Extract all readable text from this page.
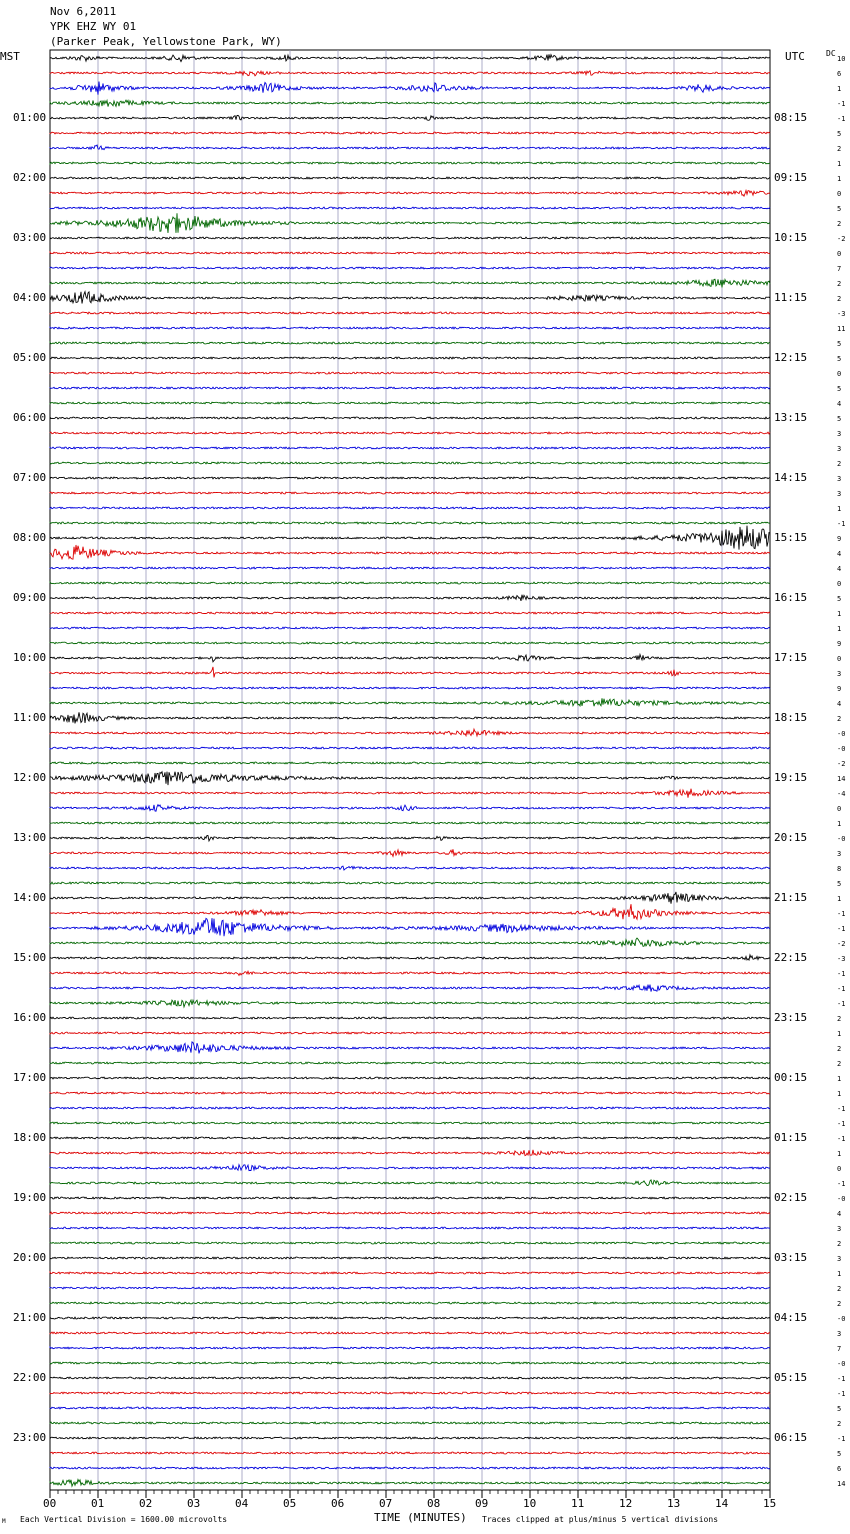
Nov 6,2011
YPK EHZ WY 01
(Parker Peak, Yellowstone Park, WY)
MST	UTC	DC
00	01	02	03	04	05	06	07	08	09	10	11	12	13	14	15
01:00
02:00
03:00
04:00
05:00
06:00
07:00
08:00
09:00
10:00
11:00
12:00
13:00
14:00
15:00
16:00
17:00
18:00
19:00
20:00
21:00
22:00
23:00
08:15
09:15
10:15
11:15
12:15
13:15
14:15
15:15
16:15
17:15
18:15
19:15
20:15
21:15
22:15
23:15
00:15
01:15
02:15
03:15
04:15
05:15
06:15
10
6
1
-1
-1
5
2
1
1
0
5
2
-2
0
7
2
2
-3
11
5
5
0
5
4
5
3
3
2
3
3
1
-1
9
4
4
0
5
1
1
9
0
3
9
4
2
-0
-0
-2
14
-4
0
1
-0
3
8
5
1
-1
-1
-2
-3
-1
-1
-1
2
1
2
2
1
1
-1
-1
-1
1
0
-1
-0
4
3
2
3
1
2
2
-0
3
7
-0
-1
-1
5
2
-1
5
6
14
TIME (MINUTES)
Each Vertical Division = 1600.00 microvolts	Traces clipped at plus/minus 5 vertical divisions
M
